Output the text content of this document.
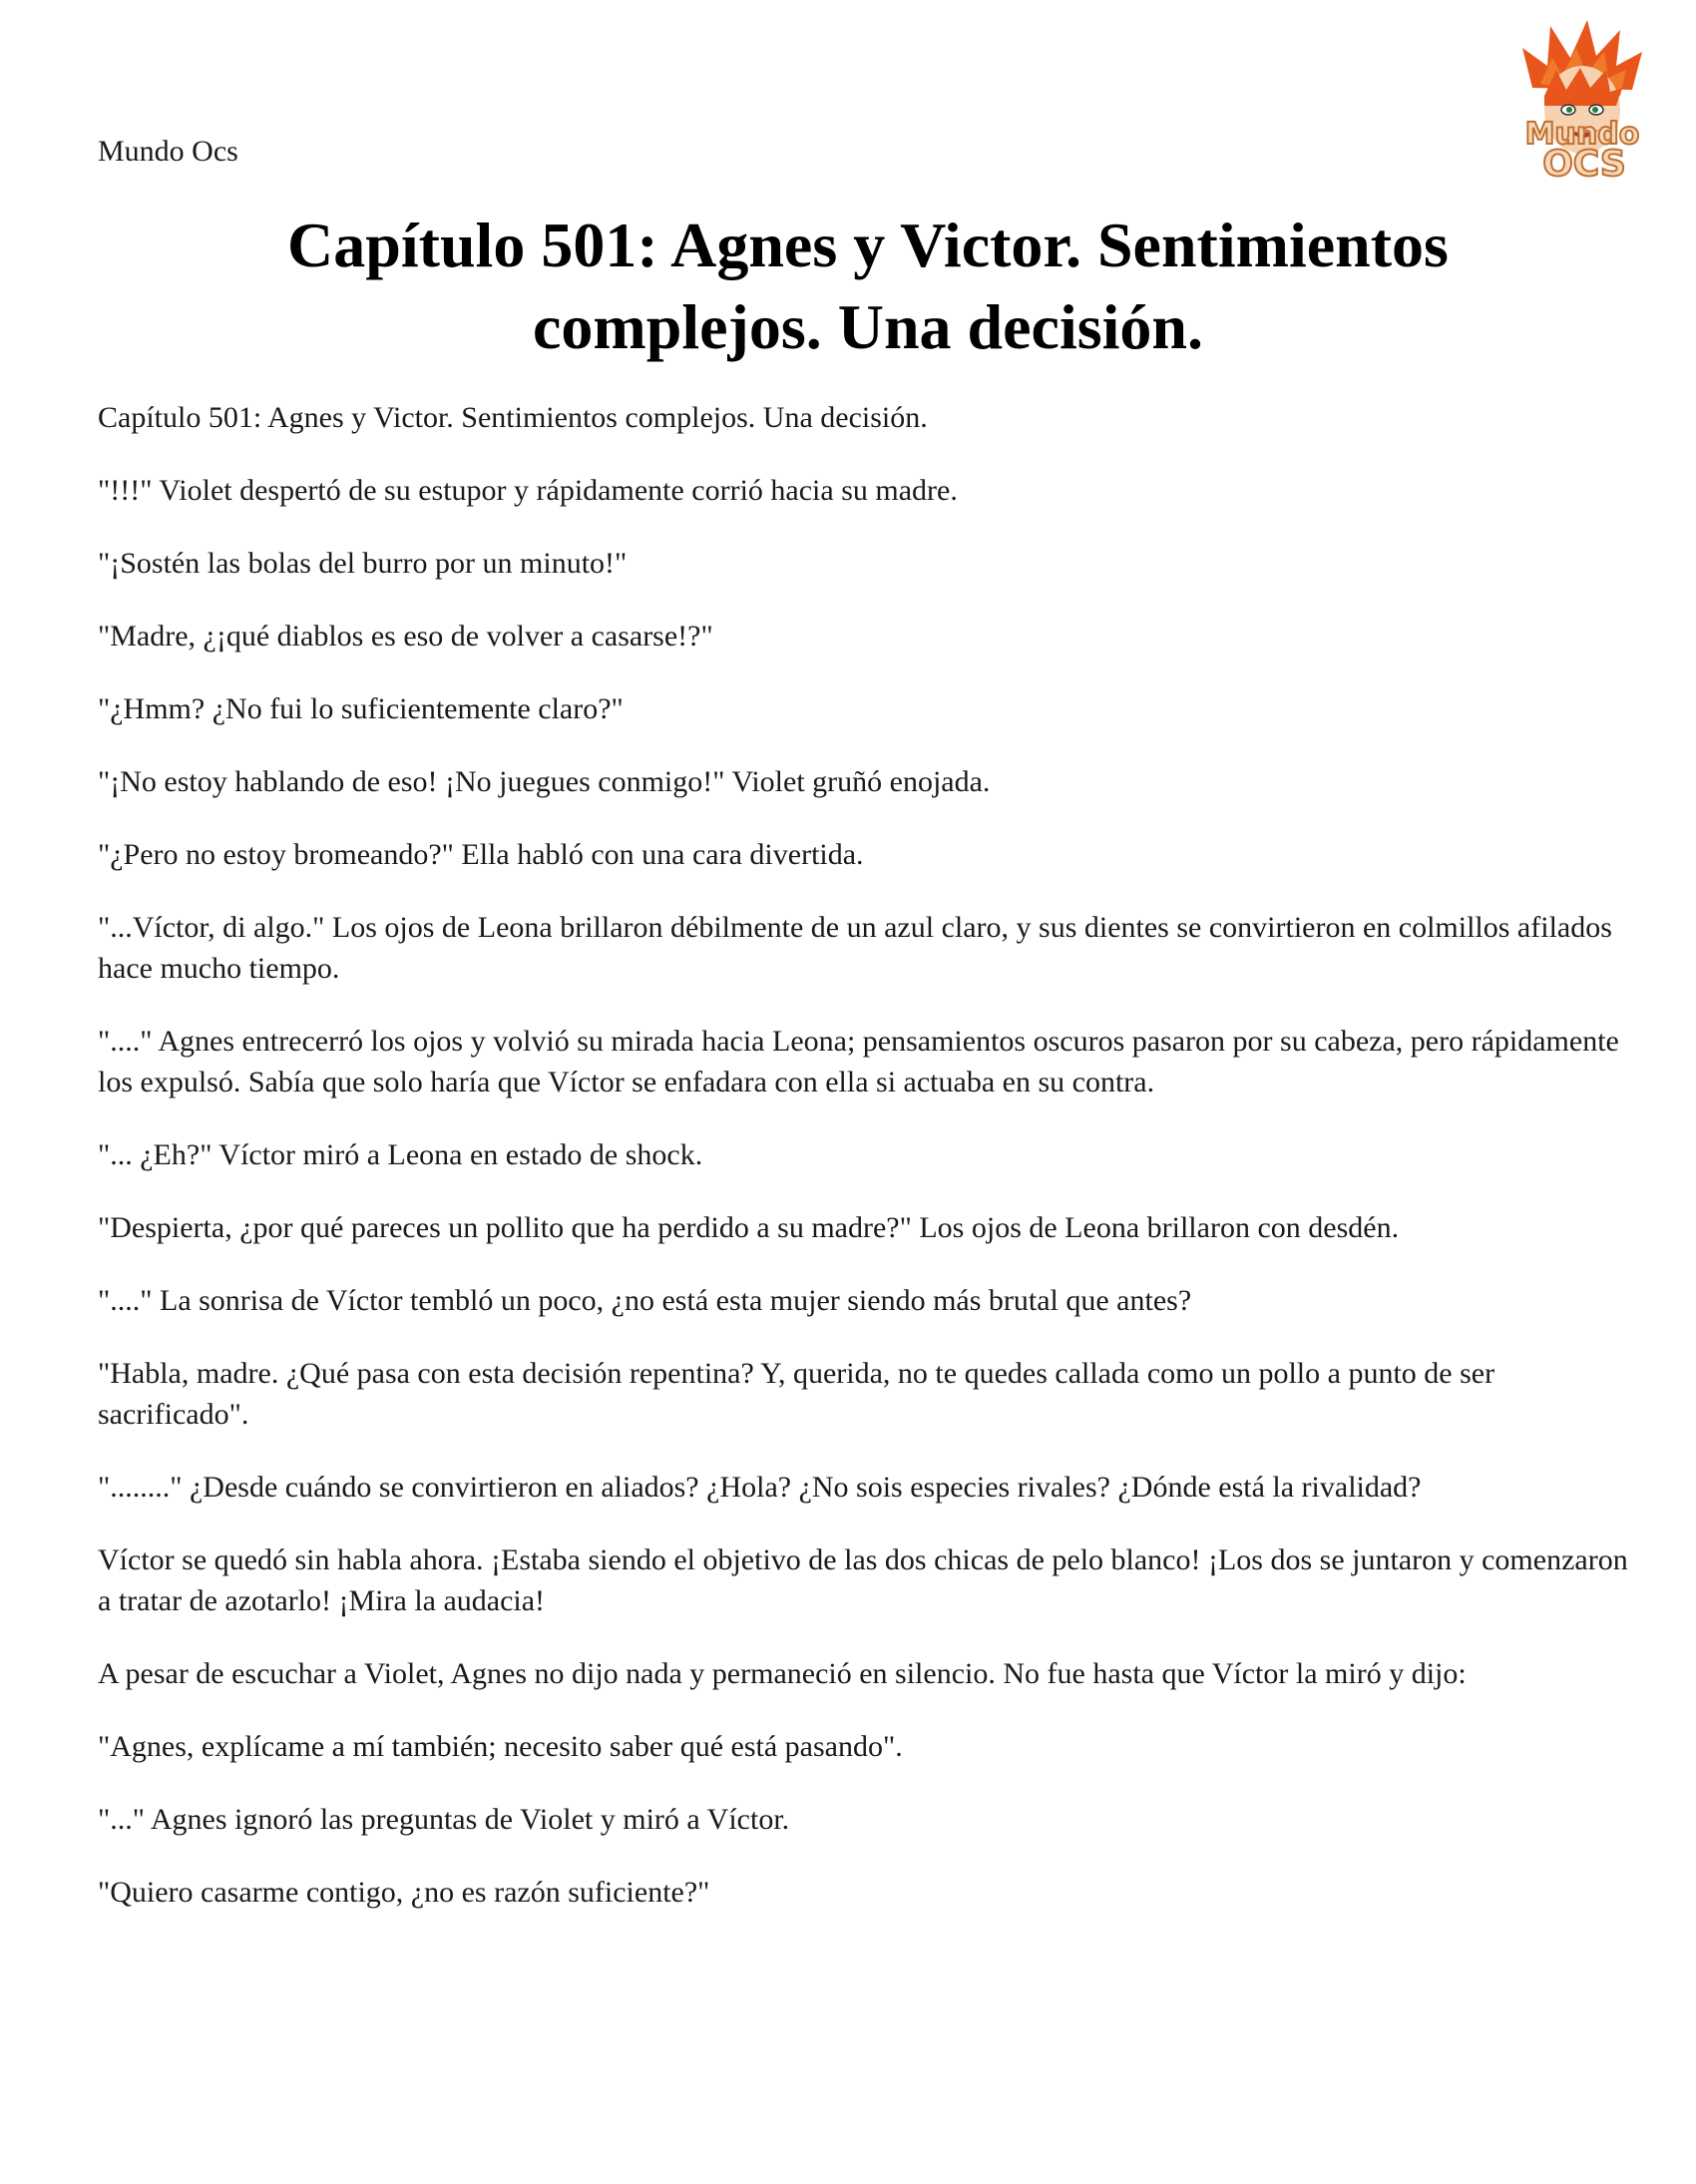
Mundo Ocs	Mundo
OCS
Capítulo 501: Agnes y Victor. Sentimientos complejos. Una decisión.

Capítulo 501: Agnes y Victor. Sentimientos complejos. Una decisión.

"!!!" Violet despertó de su estupor y rápidamente corrió hacia su madre.

"¡Sostén las bolas del burro por un minuto!"

"Madre, ¿¡qué diablos es eso de volver a casarse!?"

"¿Hmm? ¿No fui lo suficientemente claro?"

"¡No estoy hablando de eso! ¡No juegues conmigo!" Violet gruñó enojada.

"¿Pero no estoy bromeando?" Ella habló con una cara divertida.

"...Víctor, di algo." Los ojos de Leona brillaron débilmente de un azul claro, y sus dientes se convirtieron en colmillos afilados hace mucho tiempo.

"...." Agnes entrecerró los ojos y volvió su mirada hacia Leona; pensamientos oscuros pasaron por su cabeza, pero rápidamente los expulsó. Sabía que solo haría que Víctor se enfadara con ella si actuaba en su contra.

"... ¿Eh?" Víctor miró a Leona en estado de shock.

"Despierta, ¿por qué pareces un pollito que ha perdido a su madre?" Los ojos de Leona brillaron con desdén.

"...." La sonrisa de Víctor tembló un poco, ¿no está esta mujer siendo más brutal que antes?

"Habla, madre. ¿Qué pasa con esta decisión repentina? Y, querida, no te quedes callada como un pollo a punto de ser sacrificado".

"........" ¿Desde cuándo se convirtieron en aliados? ¿Hola? ¿No sois especies rivales? ¿Dónde está la rivalidad?

Víctor se quedó sin habla ahora. ¡Estaba siendo el objetivo de las dos chicas de pelo blanco! ¡Los dos se juntaron y comenzaron a tratar de azotarlo! ¡Mira la audacia!

A pesar de escuchar a Violet, Agnes no dijo nada y permaneció en silencio. No fue hasta que Víctor la miró y dijo:

"Agnes, explícame a mí también; necesito saber qué está pasando".

"..." Agnes ignoró las preguntas de Violet y miró a Víctor.

"Quiero casarme contigo, ¿no es razón suficiente?"
